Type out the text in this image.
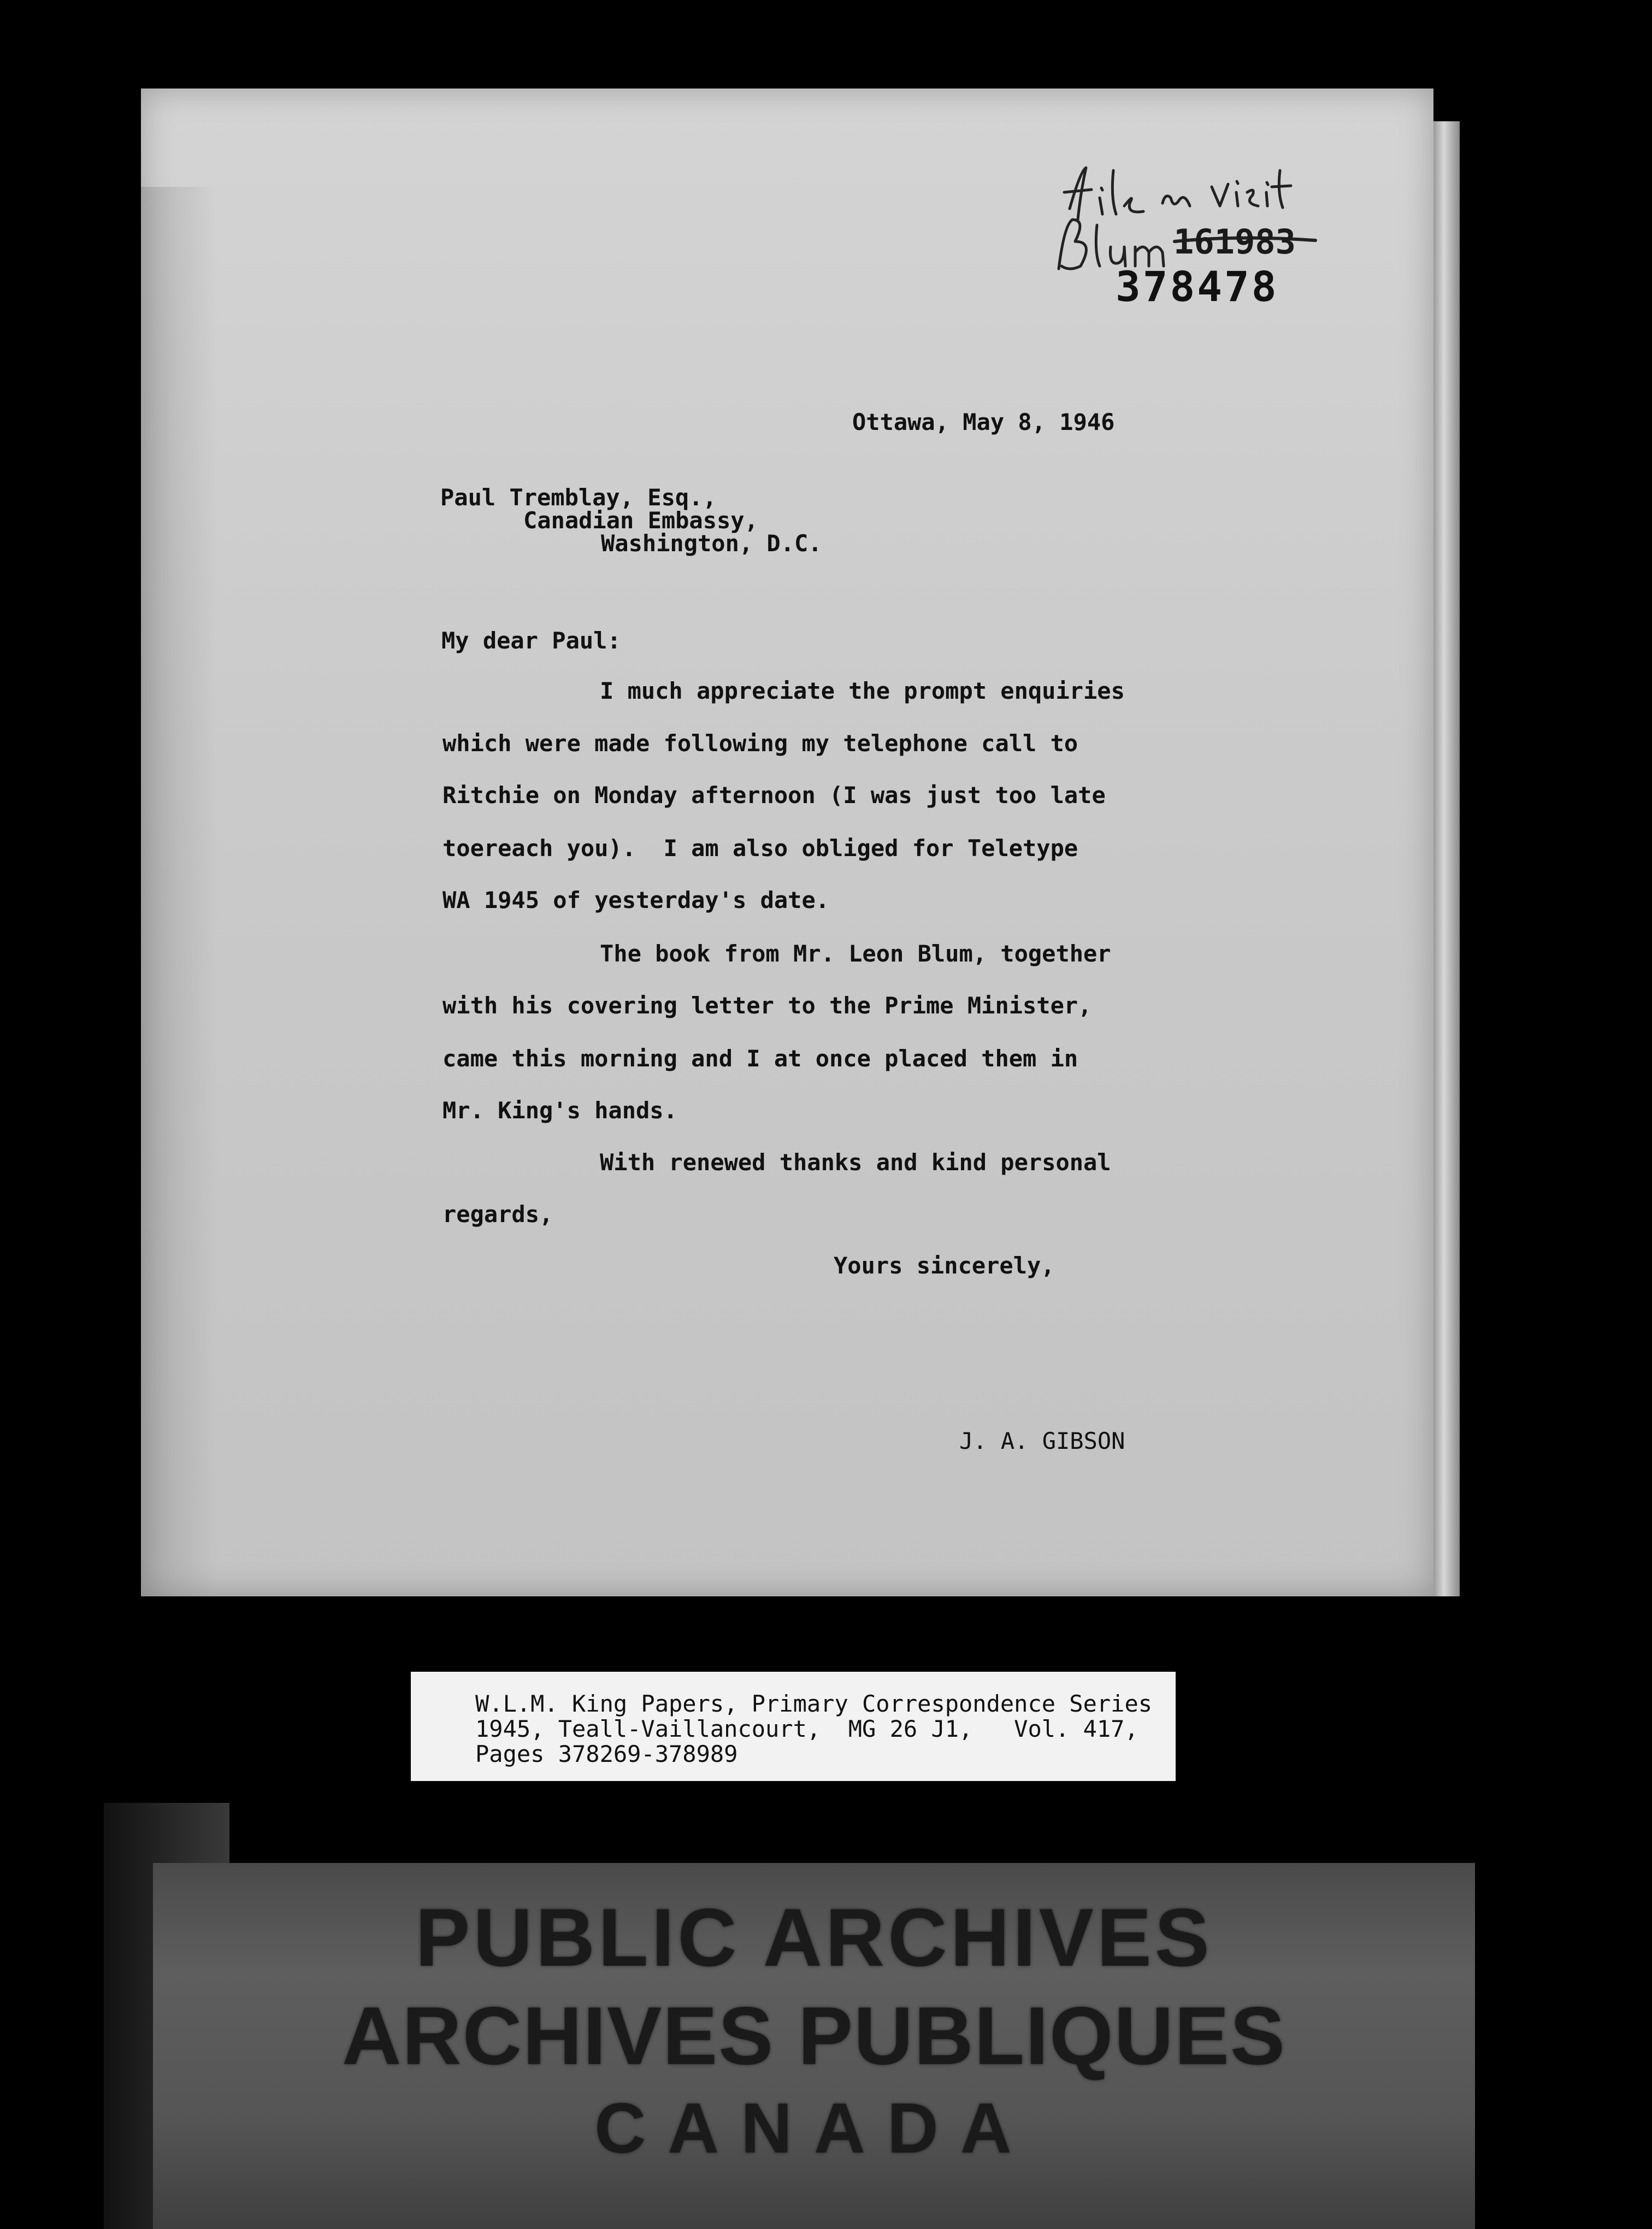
161983
378478
Ottawa, May 8, 1946
Paul Tremblay, Esq.,
Canadian Embassy,
Washington, D.C.
My dear Paul:
I much appreciate the prompt enquiries
which were made following my telephone call to
Ritchie on Monday afternoon (I was just too late
toereach you).  I am also obliged for Teletype
WA 1945 of yesterday's date.
The book from Mr. Leon Blum, together
with his covering letter to the Prime Minister,
came this morning and I at once placed them in
Mr. King's hands.
With renewed thanks and kind personal
regards,
Yours sincerely,
J. A. GIBSON
W.L.M. King Papers, Primary Correspondence Series
1945, Teall-Vaillancourt,  MG 26 J1,   Vol. 417,
Pages 378269-378989
PUBLIC ARCHIVES
ARCHIVES PUBLIQUES
CANADA
